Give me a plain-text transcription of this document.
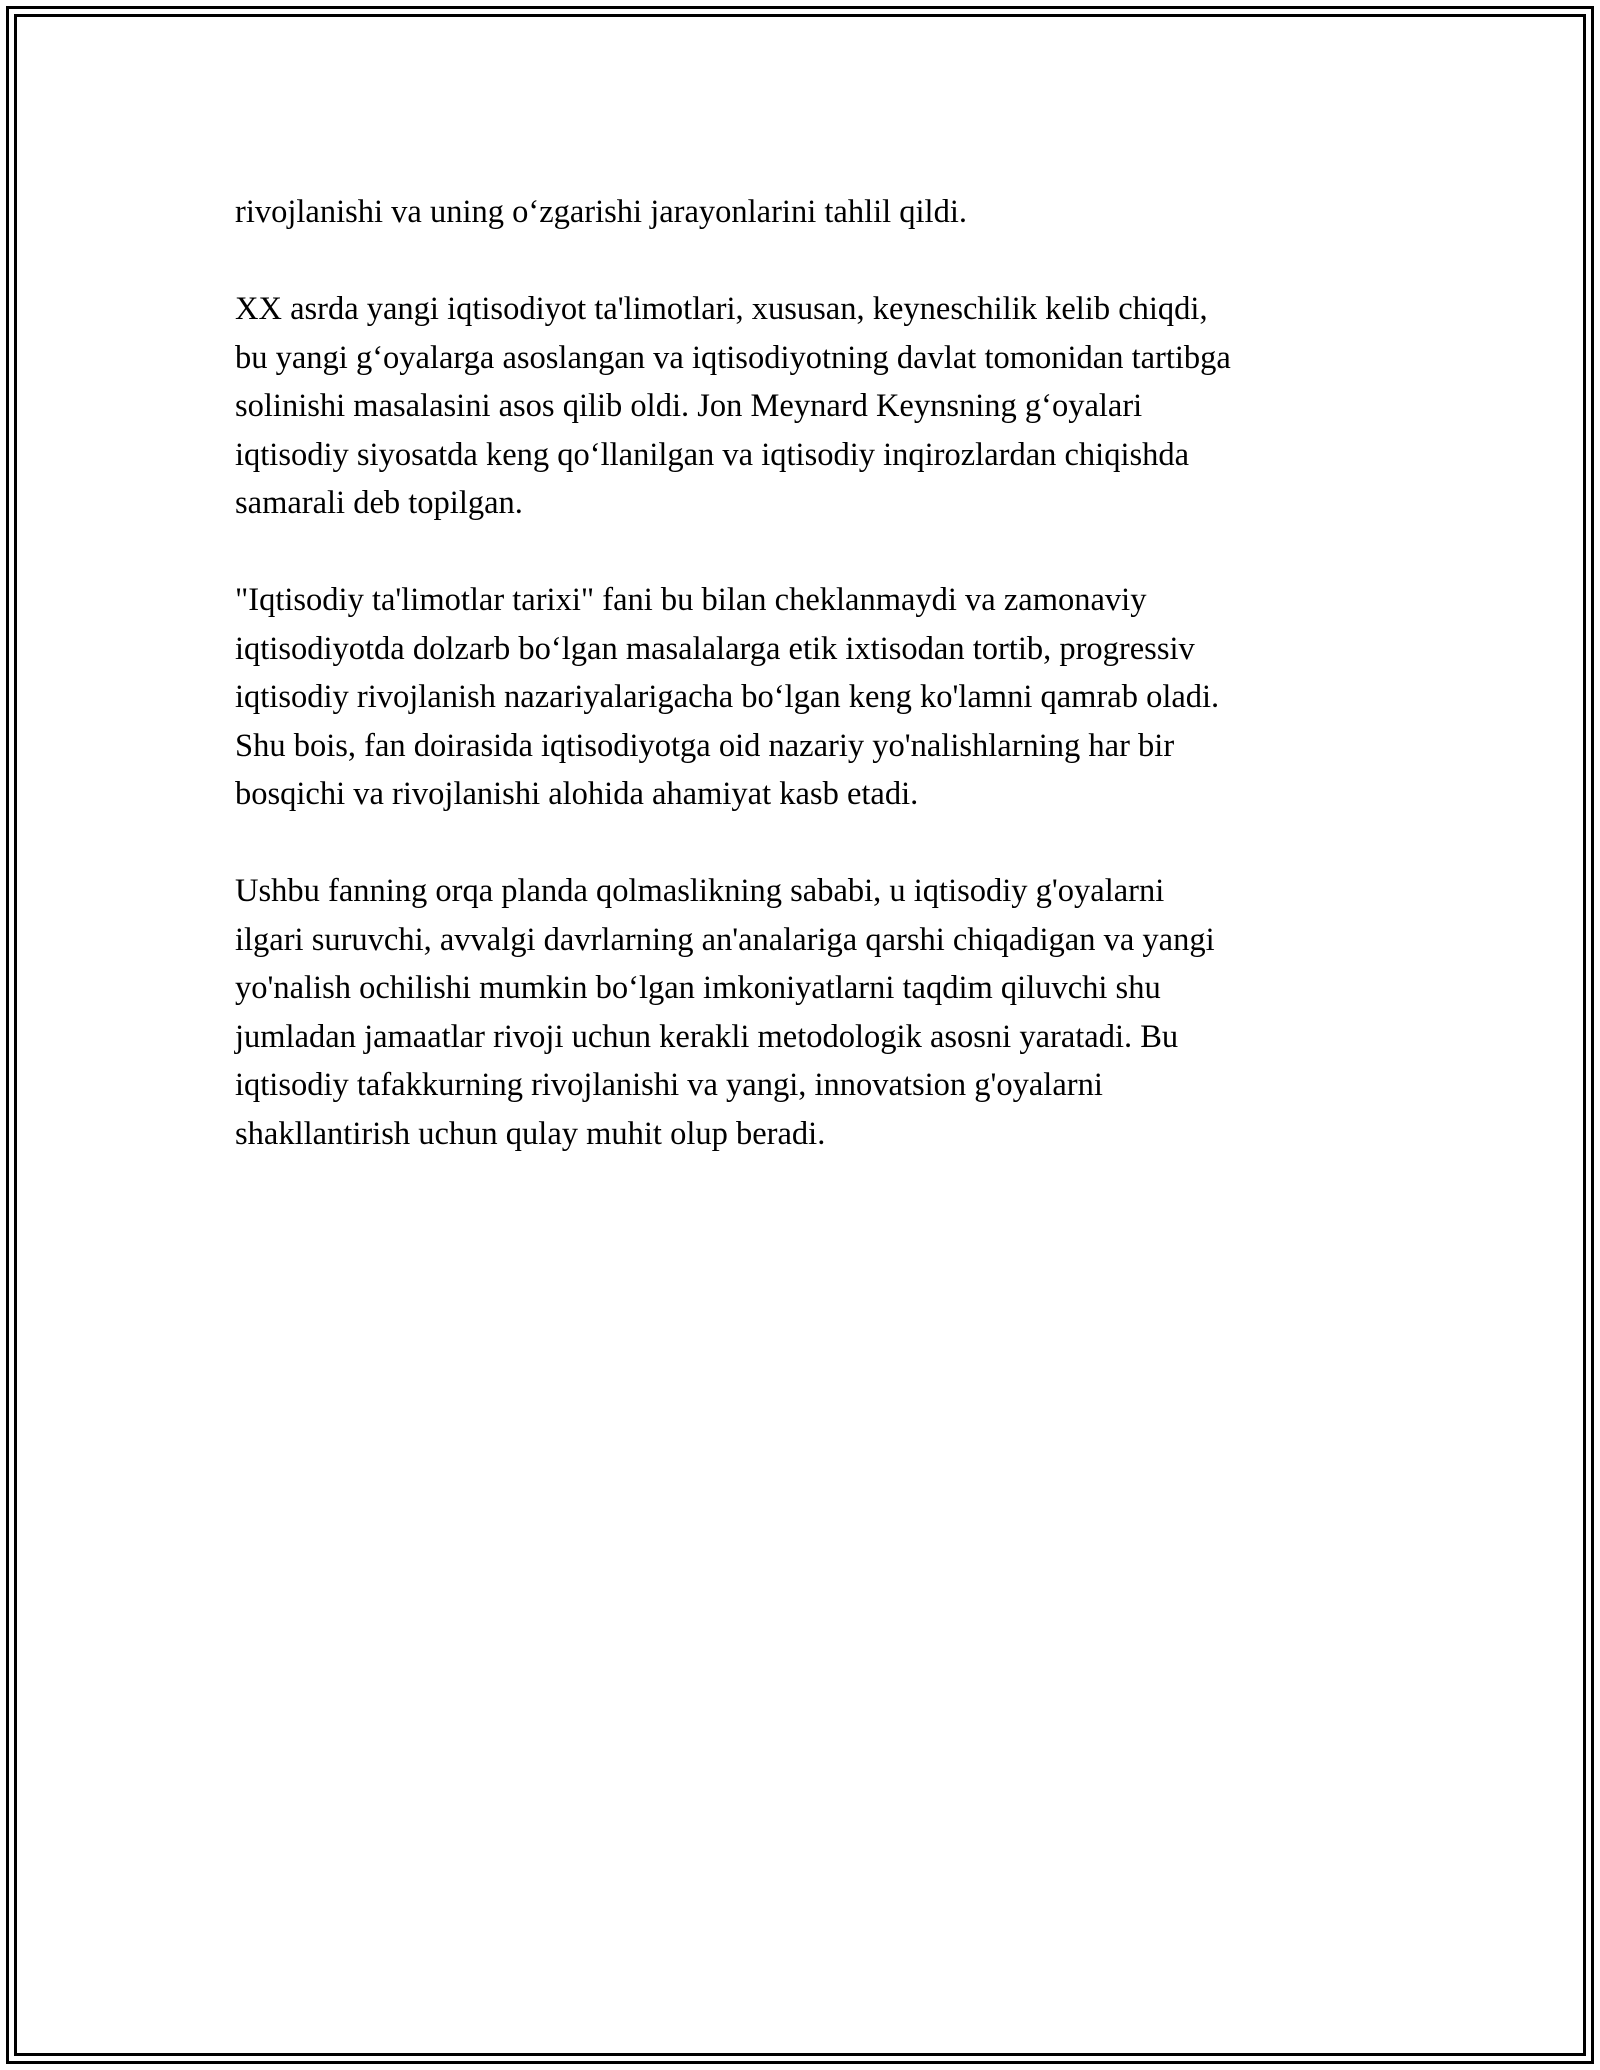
rivojlanishi va uning o‘zgarishi jarayonlarini tahlil qildi.
XX asrda yangi iqtisodiyot ta'limotlari, xususan, keyneschilik kelib chiqdi,
bu yangi g‘oyalarga asoslangan va iqtisodiyotning davlat tomonidan tartibga
solinishi masalasini asos qilib oldi. Jon Meynard Keynsning g‘oyalari
iqtisodiy siyosatda keng qo‘llanilgan va iqtisodiy inqirozlardan chiqishda
samarali deb topilgan.
"Iqtisodiy ta'limotlar tarixi" fani bu bilan cheklanmaydi va zamonaviy
iqtisodiyotda dolzarb bo‘lgan masalalarga etik ixtisodan tortib, progressiv
iqtisodiy rivojlanish nazariyalarigacha bo‘lgan keng ko'lamni qamrab oladi.
Shu bois, fan doirasida iqtisodiyotga oid nazariy yo'nalishlarning har bir
bosqichi va rivojlanishi alohida ahamiyat kasb etadi.
Ushbu fanning orqa planda qolmaslikning sababi, u iqtisodiy g'oyalarni
ilgari suruvchi, avvalgi davrlarning an'analariga qarshi chiqadigan va yangi
yo'nalish ochilishi mumkin bo‘lgan imkoniyatlarni taqdim qiluvchi shu
jumladan jamaatlar rivoji uchun kerakli metodologik asosni yaratadi. Bu
iqtisodiy tafakkurning rivojlanishi va yangi, innovatsion g'oyalarni
shakllantirish uchun qulay muhit olup beradi.
